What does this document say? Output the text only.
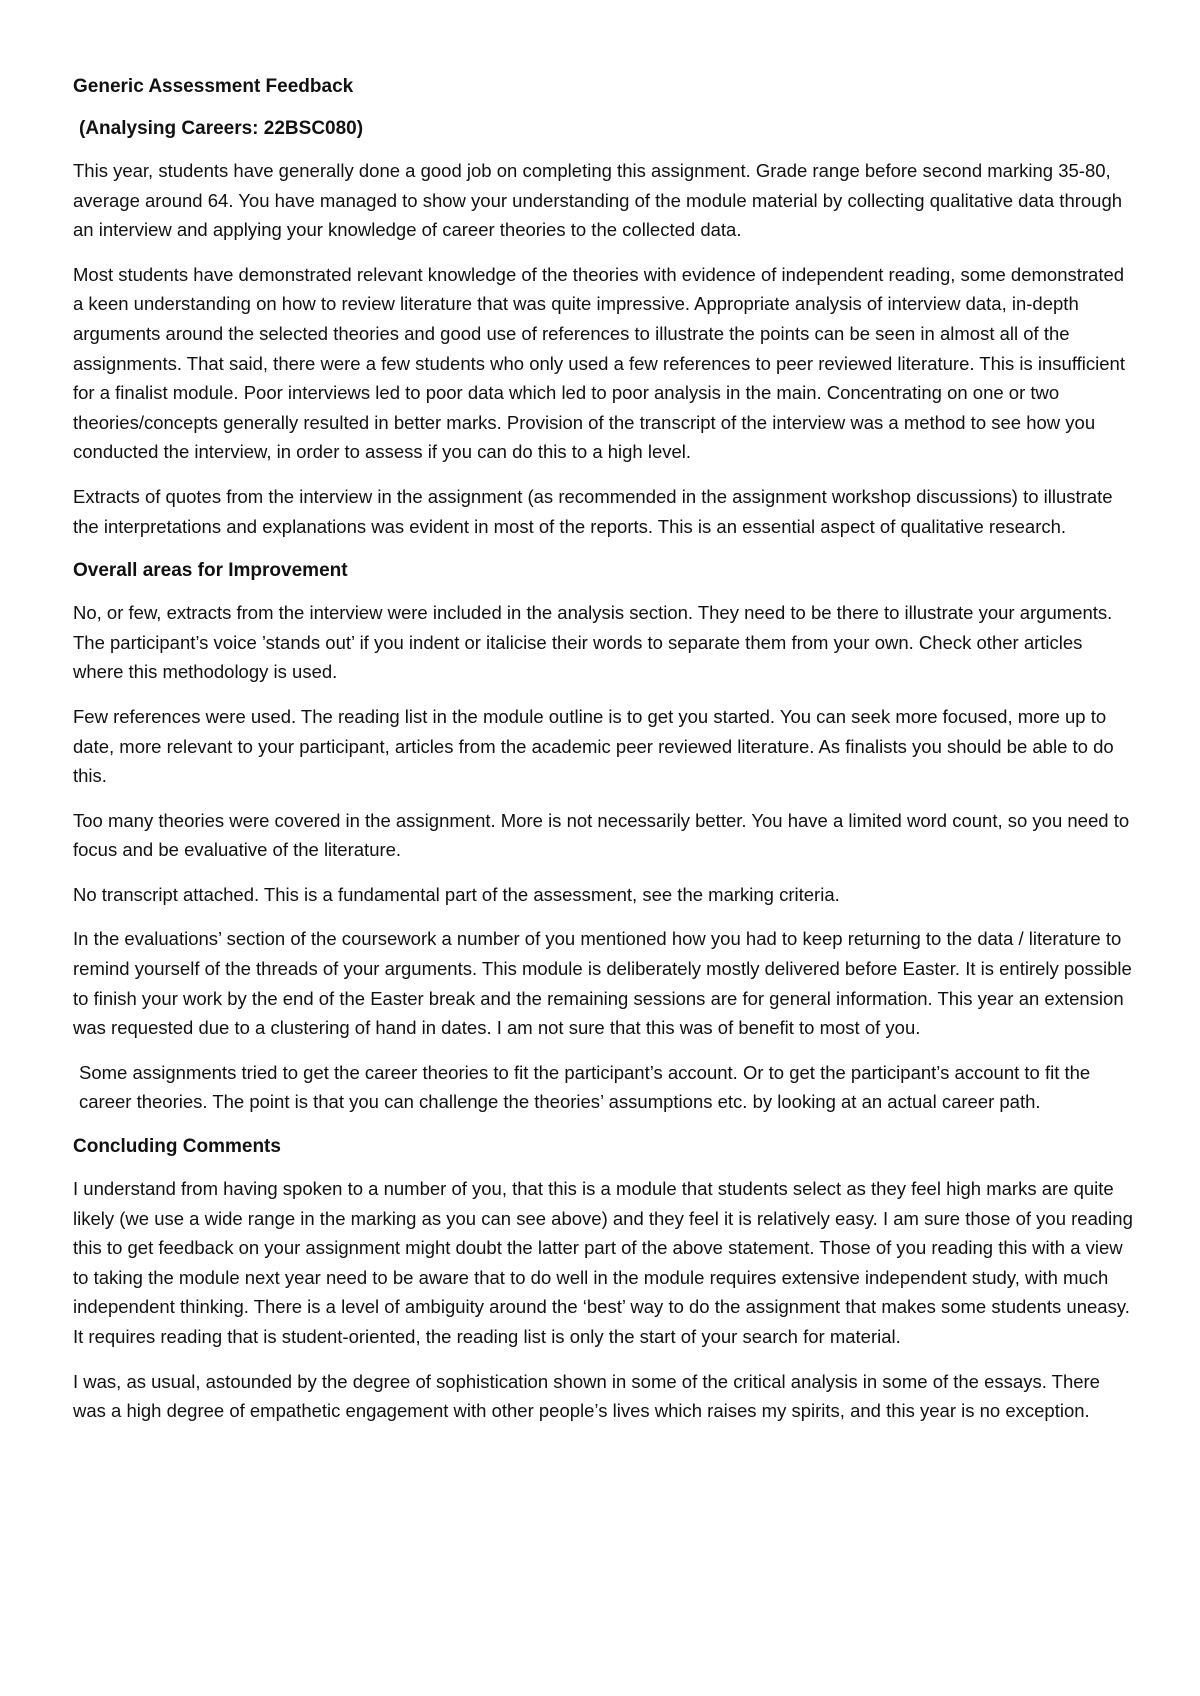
Generic Assessment Feedback
(Analysing Careers: 22BSC080)

This year, students have generally done a good job on completing this assignment. Grade range before second marking 35-80, average around 64. You have managed to show your understanding of the module material by collecting qualitative data through an interview and applying your knowledge of career theories to the collected data.

Most students have demonstrated relevant knowledge of the theories with evidence of independent reading, some demonstrated a keen understanding on how to review literature that was quite impressive. Appropriate analysis of interview data, in-depth arguments around the selected theories and good use of references to illustrate the points can be seen in almost all of the assignments. That said, there were a few students who only used a few references to peer reviewed literature. This is insufficient for a finalist module. Poor interviews led to poor data which led to poor analysis in the main. Concentrating on one or two theories/concepts generally resulted in better marks. Provision of the transcript of the interview was a method to see how you conducted the interview, in order to assess if you can do this to a high level.

Extracts of quotes from the interview in the assignment (as recommended in the assignment workshop discussions) to illustrate the interpretations and explanations was evident in most of the reports. This is an essential aspect of qualitative research.

Overall areas for Improvement

No, or few, extracts from the interview were included in the analysis section. They need to be there to illustrate your arguments. The participant’s voice ’stands out’ if you indent or italicise their words to separate them from your own. Check other articles where this methodology is used.

Few references were used. The reading list in the module outline is to get you started. You can seek more focused, more up to date, more relevant to your participant, articles from the academic peer reviewed literature. As finalists you should be able to do this.

Too many theories were covered in the assignment. More is not necessarily better. You have a limited word count, so you need to focus and be evaluative of the literature.

No transcript attached. This is a fundamental part of the assessment, see the marking criteria.

In the evaluations’ section of the coursework a number of you mentioned how you had to keep returning to the data / literature to remind yourself of the threads of your arguments. This module is deliberately mostly delivered before Easter. It is entirely possible to finish your work by the end of the Easter break and the remaining sessions are for general information. This year an extension was requested due to a clustering of hand in dates. I am not sure that this was of benefit to most of you.

Some assignments tried to get the career theories to fit the participant’s account. Or to get the participant’s account to fit the career theories. The point is that you can challenge the theories’ assumptions etc. by looking at an actual career path.

Concluding Comments

I understand from having spoken to a number of you, that this is a module that students select as they feel high marks are quite likely (we use a wide range in the marking as you can see above) and they feel it is relatively easy. I am sure those of you reading this to get feedback on your assignment might doubt the latter part of the above statement. Those of you reading this with a view to taking the module next year need to be aware that to do well in the module requires extensive independent study, with much independent thinking. There is a level of ambiguity around the ‘best’ way to do the assignment that makes some students uneasy. It requires reading that is student-oriented, the reading list is only the start of your search for material.

I was, as usual, astounded by the degree of sophistication shown in some of the critical analysis in some of the essays. There was a high degree of empathetic engagement with other people’s lives which raises my spirits, and this year is no exception.
